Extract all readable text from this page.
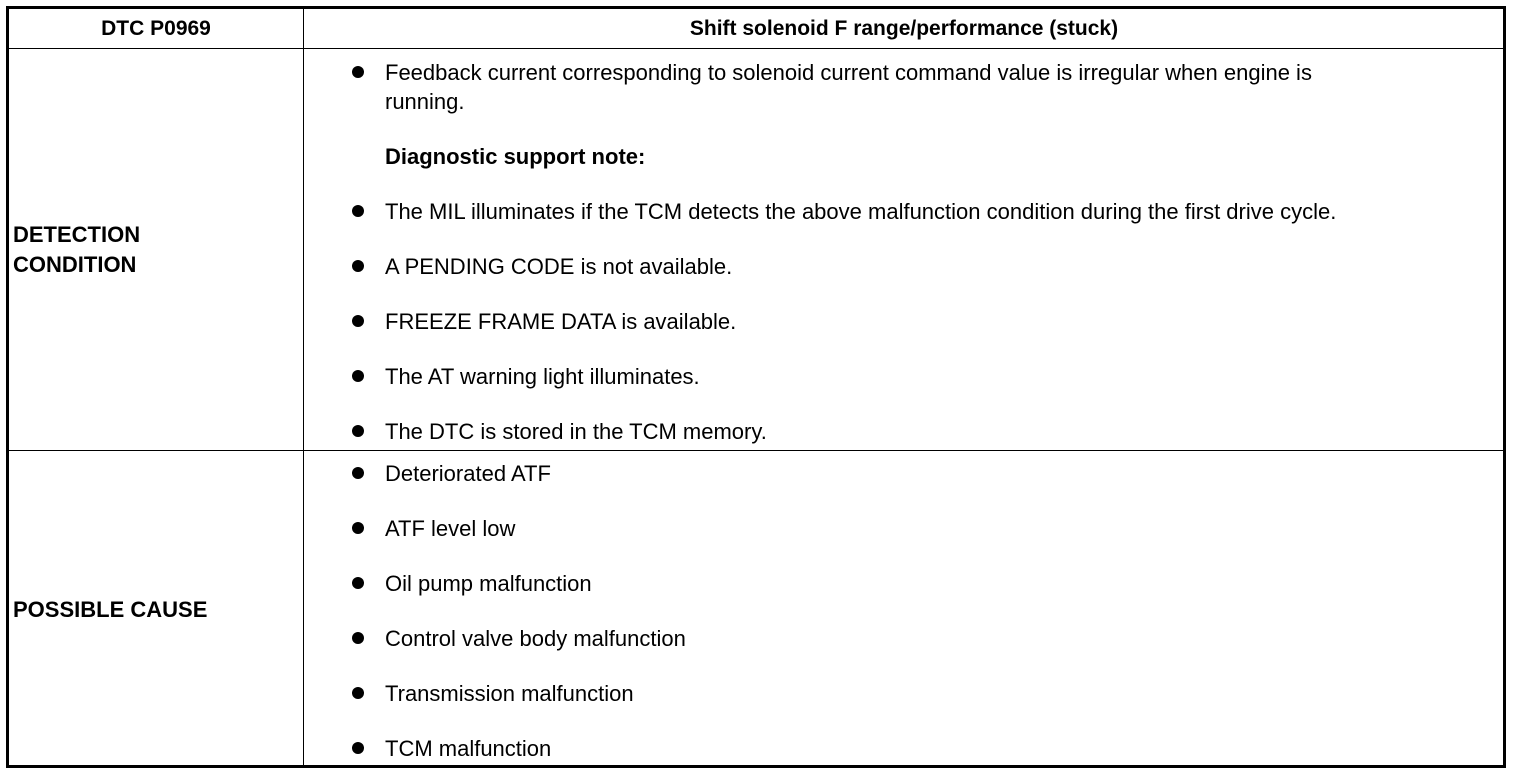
DTC P0969	Shift solenoid F range/performance (stuck)
DETECTION
CONDITION
Feedback current corresponding to solenoid current command value is irregular when engine is
running.
Diagnostic support note:
The MIL illuminates if the TCM detects the above malfunction condition during the first drive cycle.
A PENDING CODE is not available.
FREEZE FRAME DATA is available.
The AT warning light illuminates.
The DTC is stored in the TCM memory.
POSSIBLE CAUSE
Deteriorated ATF
ATF level low
Oil pump malfunction
Control valve body malfunction
Transmission malfunction
TCM malfunction
